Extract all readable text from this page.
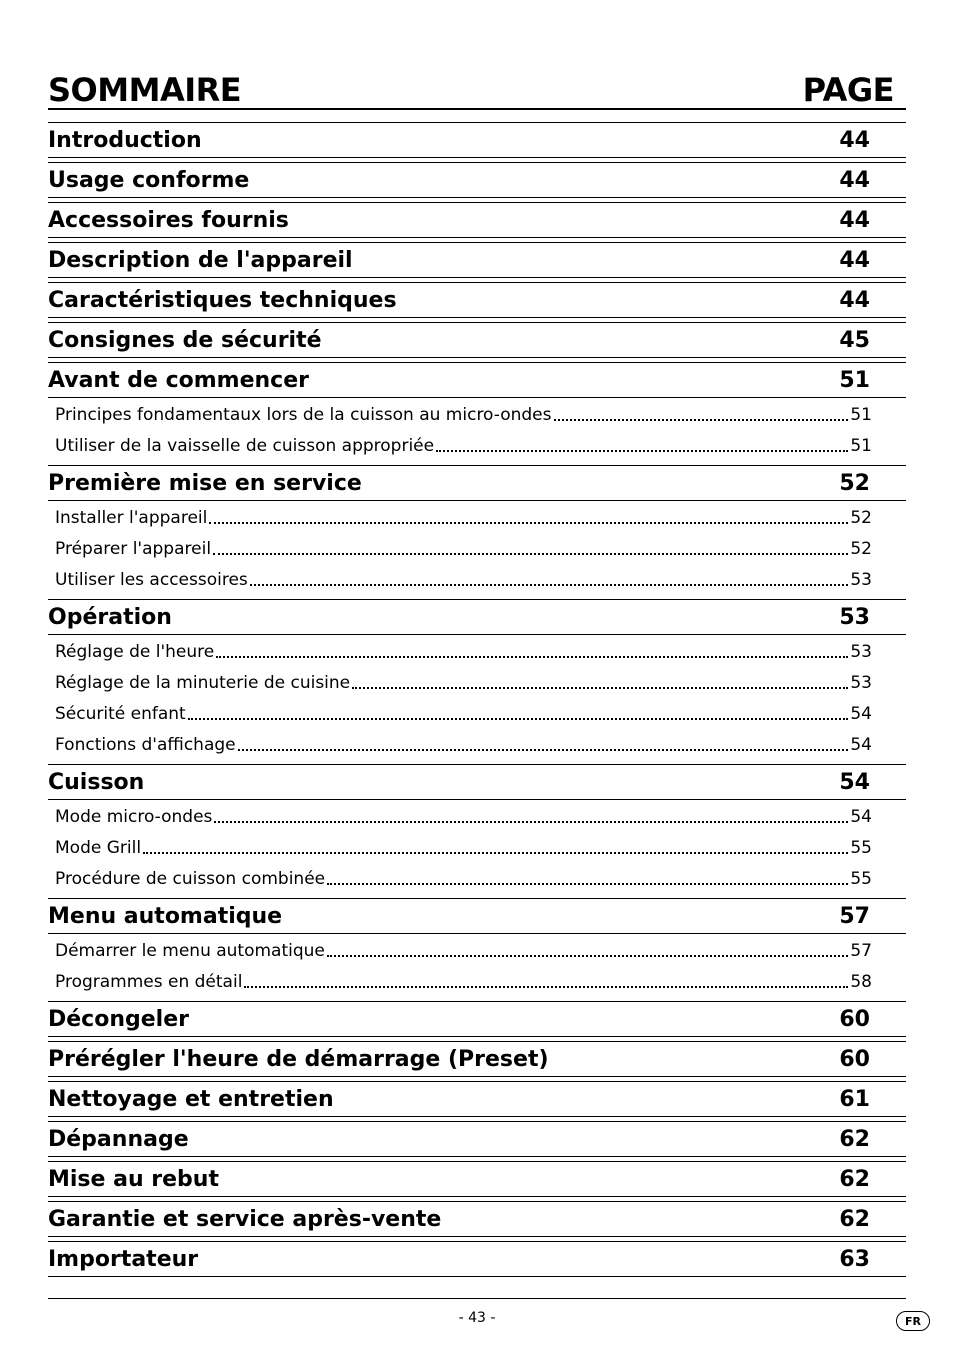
SOMMAIRE	PAGE
Introduction	44
Usage conforme	44
Accessoires fournis	44
Description de l'appareil	44
Caractéristiques techniques	44
Consignes de sécurité	45
Avant de commencer	51
Principes fondamentaux lors de la cuisson au micro-ondes	51
Utiliser de la vaisselle de cuisson appropriée	51
Première mise en service	52
Installer l'appareil	52
Préparer l'appareil	52
Utiliser les accessoires	53
Opération	53
Réglage de l'heure	53
Réglage de la minuterie de cuisine	53
Sécurité enfant	54
Fonctions d'affichage	54
Cuisson	54
Mode micro-ondes	54
Mode Grill	55
Procédure de cuisson combinée	55
Menu automatique	57
Démarrer le menu automatique	57
Programmes en détail	58
Décongeler	60
Prérégler l'heure de démarrage (Preset)	60
Nettoyage et entretien	61
Dépannage	62
Mise au rebut	62
Garantie et service après-vente	62
Importateur	63
- 43 -	FR
